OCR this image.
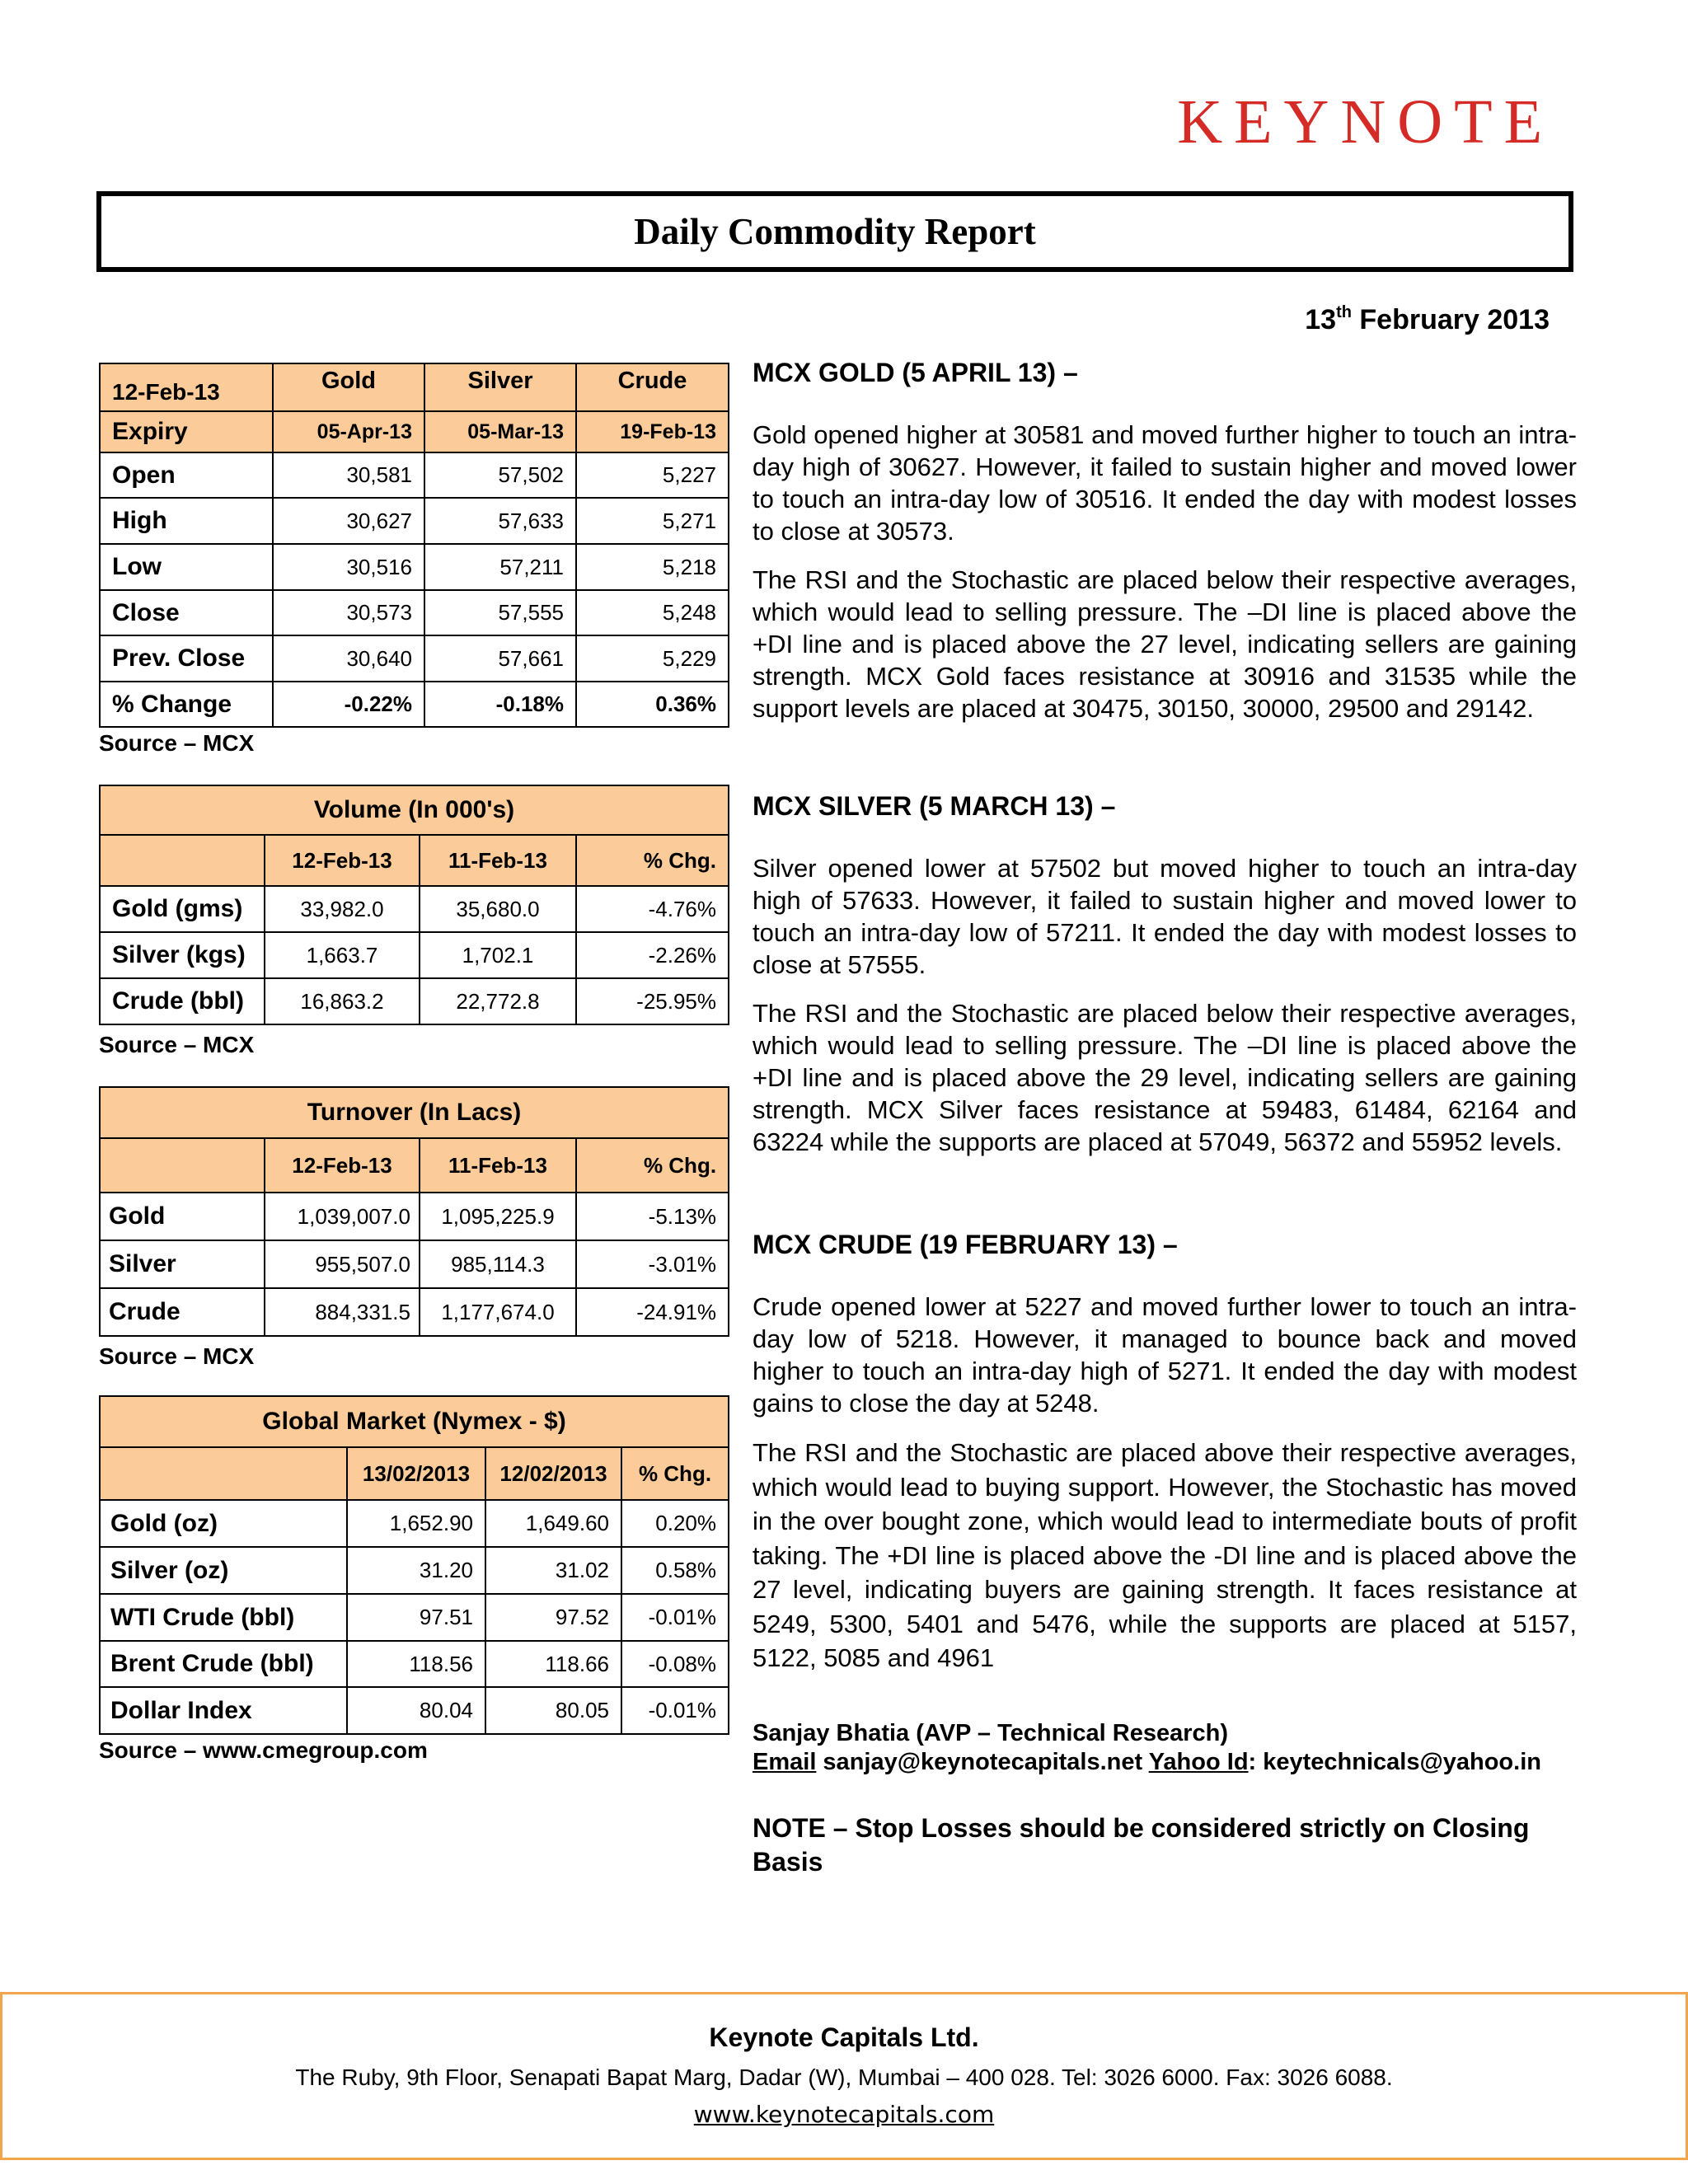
KEYNOTE
Daily Commodity Report
13th February 2013
12-Feb-13	Gold	Silver	Crude
Expiry	05-Apr-13	05-Mar-13	19-Feb-13
Open	30,581	57,502	5,227
High	30,627	57,633	5,271
Low	30,516	57,211	5,218
Close	30,573	57,555	5,248
Prev. Close	30,640	57,661	5,229
% Change	-0.22%	-0.18%	0.36%
Source – MCX
Volume (In 000's)			
	12-Feb-13	11-Feb-13	% Chg.
Gold (gms)	33,982.0	35,680.0	-4.76%
Silver (kgs)	1,663.7	1,702.1	-2.26%
Crude (bbl)	16,863.2	22,772.8	-25.95%
Source – MCX
Turnover (In Lacs)			
	12-Feb-13	11-Feb-13	% Chg.
Gold	1,039,007.0	1,095,225.9	-5.13%
Silver	955,507.0	985,114.3	-3.01%
Crude	884,331.5	1,177,674.0	-24.91%
Source – MCX
Global Market (Nymex - $)			
	13/02/2013	12/02/2013	% Chg.
Gold (oz)	1,652.90	1,649.60	0.20%
Silver (oz)	31.20	31.02	0.58%
WTI Crude (bbl)	97.51	97.52	-0.01%
Brent Crude (bbl)	118.56	118.66	-0.08%
Dollar Index	80.04	80.05	-0.01%
Source – www.cmegroup.com
MCX GOLD (5 APRIL 13) –

Gold opened higher at 30581 and moved further higher to touch an intra-day high of 30627. However, it failed to sustain higher and moved lower to touch an intra-day low of 30516. It ended the day with modest losses to close at 30573.

The RSI and the Stochastic are placed below their respective averages, which would lead to selling pressure. The –DI line is placed above the +DI line and is placed above the 27 level, indicating sellers are gaining strength. MCX Gold faces resistance at 30916 and 31535 while the support levels are placed at 30475, 30150, 30000, 29500 and 29142.

MCX SILVER (5 MARCH 13) –

Silver opened lower at 57502 but moved higher to touch an intra-day high of 57633. However, it failed to sustain higher and moved lower to touch an intra-day low of 57211. It ended the day with modest losses to close at 57555.

The RSI and the Stochastic are placed below their respective averages, which would lead to selling pressure. The –DI line is placed above the +DI line and is placed above the 29 level, indicating sellers are gaining strength. MCX Silver faces resistance at 59483, 61484, 62164 and 63224 while the supports are placed at 57049, 56372 and 55952 levels.

MCX CRUDE (19 FEBRUARY 13) –

Crude opened lower at 5227 and moved further lower to touch an intra-day low of 5218. However, it managed to bounce back and moved higher to touch an intra-day high of 5271. It ended the day with modest gains to close the day at 5248.

The RSI and the Stochastic are placed above their respective averages, which would lead to buying support. However, the Stochastic has moved in the over bought zone, which would lead to intermediate bouts of profit taking. The +DI line is placed above the -DI line and is placed above the 27 level, indicating buyers are gaining strength. It faces resistance at 5249, 5300, 5401 and 5476, while the supports are placed at 5157, 5122, 5085 and 4961

Sanjay Bhatia (AVP – Technical Research)
Email sanjay@keynotecapitals.net Yahoo Id: keytechnicals@yahoo.in
NOTE – Stop Losses should be considered strictly on Closing Basis
Keynote Capitals Ltd.
The Ruby, 9th Floor, Senapati Bapat Marg, Dadar (W), Mumbai – 400 028. Tel: 3026 6000. Fax: 3026 6088.
www.keynotecapitals.com
